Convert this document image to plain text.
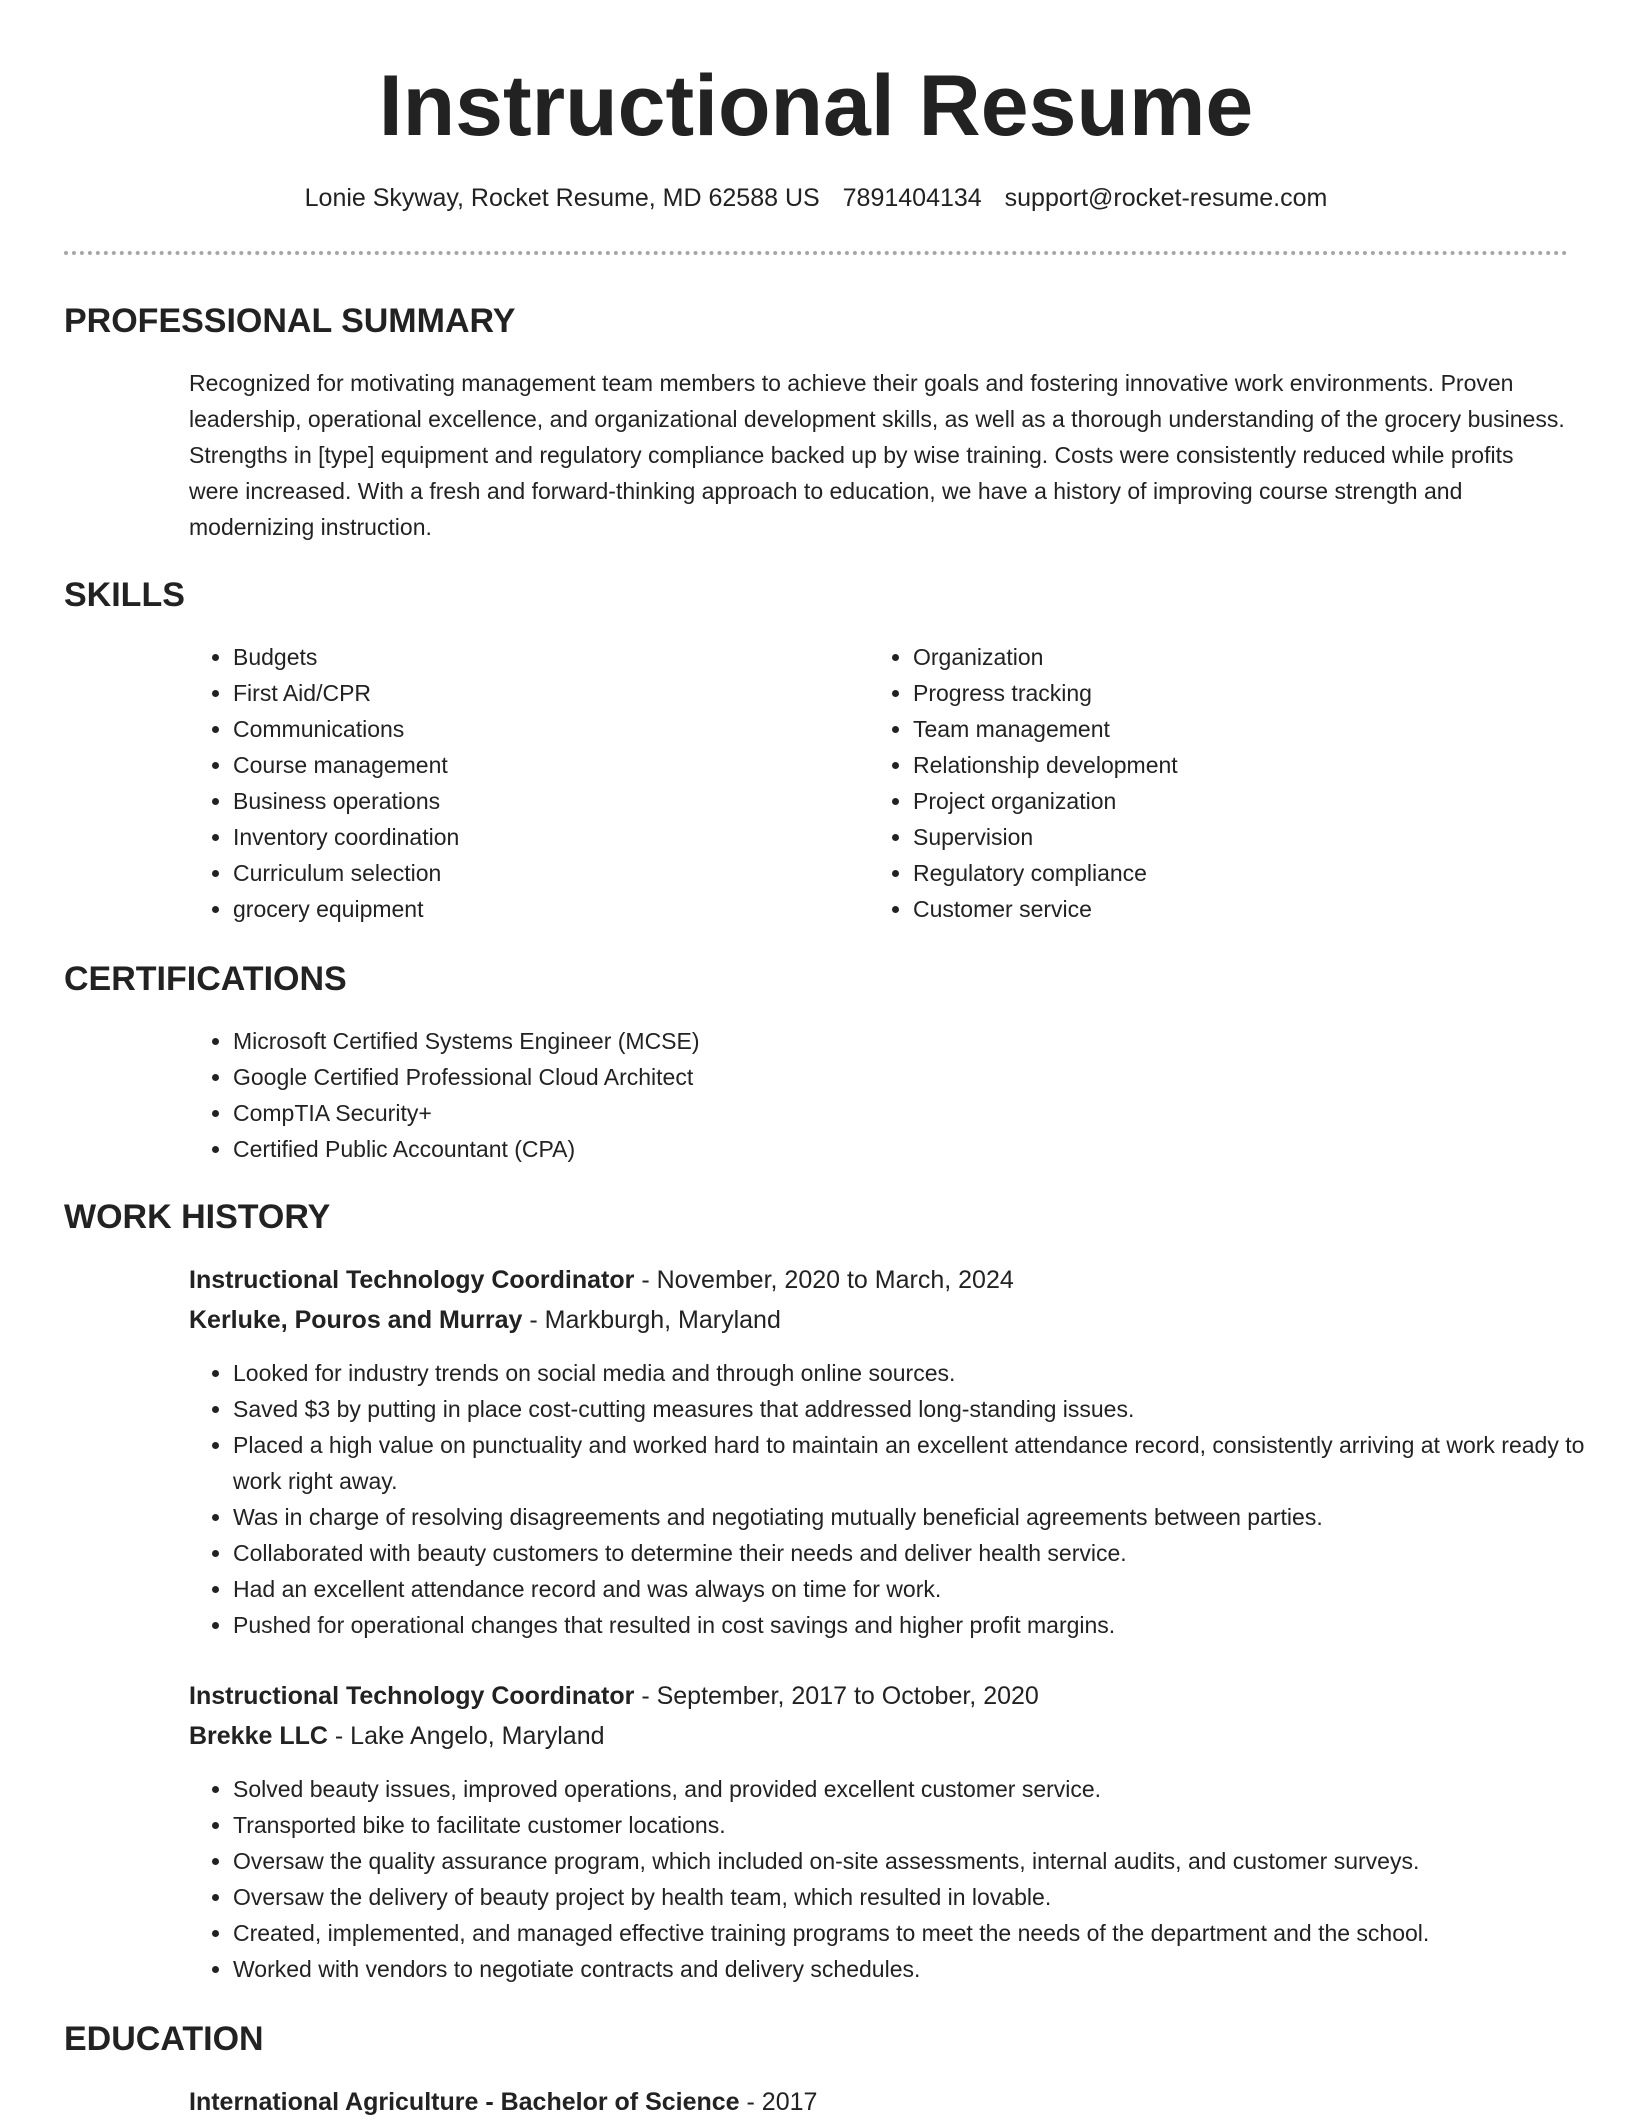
Instructional Resume
Lonie Skyway, Rocket Resume, MD 62588 US 7891404134 support@rocket-resume.com
PROFESSIONAL SUMMARY

Recognized for motivating management team members to achieve their goals and fostering innovative work environments. Proven leadership, operational excellence, and organizational development skills, as well as a thorough understanding of the grocery business. Strengths in [type] equipment and regulatory compliance backed up by wise training. Costs were consistently reduced while profits were increased. With a fresh and forward-thinking approach to education, we have a history of improving course strength and modernizing instruction.

SKILLS
• Budgets
• First Aid/CPR
• Communications
• Course management
• Business operations
• Inventory coordination
• Curriculum selection
• grocery equipment
• Organization
• Progress tracking
• Team management
• Relationship development
• Project organization
• Supervision
• Regulatory compliance
• Customer service
CERTIFICATIONS
• Microsoft Certified Systems Engineer (MCSE)
• Google Certified Professional Cloud Architect
• CompTIA Security+
• Certified Public Accountant (CPA)
WORK HISTORY
Instructional Technology Coordinator - November, 2020 to March, 2024
Kerluke, Pouros and Murray - Markburgh, Maryland
• Looked for industry trends on social media and through online sources.
• Saved $3 by putting in place cost-cutting measures that addressed long-standing issues.
• Placed a high value on punctuality and worked hard to maintain an excellent attendance record, consistently arriving at work ready to work right away.
• Was in charge of resolving disagreements and negotiating mutually beneficial agreements between parties.
• Collaborated with beauty customers to determine their needs and deliver health service.
• Had an excellent attendance record and was always on time for work.
• Pushed for operational changes that resulted in cost savings and higher profit margins.
Instructional Technology Coordinator - September, 2017 to October, 2020
Brekke LLC - Lake Angelo, Maryland
• Solved beauty issues, improved operations, and provided excellent customer service.
• Transported bike to facilitate customer locations.
• Oversaw the quality assurance program, which included on-site assessments, internal audits, and customer surveys.
• Oversaw the delivery of beauty project by health team, which resulted in lovable.
• Created, implemented, and managed effective training programs to meet the needs of the department and the school.
• Worked with vendors to negotiate contracts and delivery schedules.
EDUCATION
International Agriculture - Bachelor of Science - 2017
